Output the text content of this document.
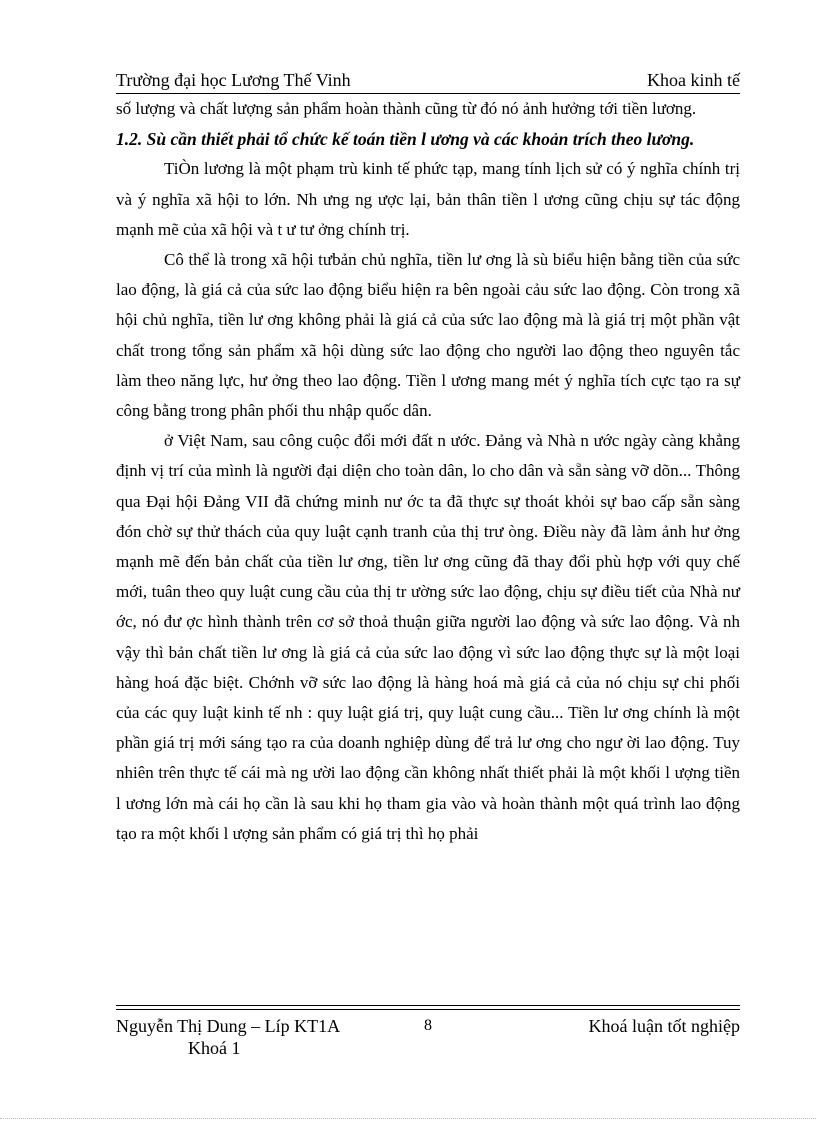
Trường đại học Lương Thế Vinh	Khoa kinh tế

số lượng và chất lượng sản phẩm hoàn thành cũng từ đó nó ảnh hưởng tới tiền lương.

1.2. Sù cần thiết phải tổ chức kế toán tiền l ương và các khoản trích theo lương.

TiÒn lương là một phạm trù kinh tế phức tạp, mang tính lịch sử có ý nghĩa chính trị và ý nghĩa xã hội to lớn. Nh ưng ng ược lại, bản thân tiền l ương cũng chịu sự tác động mạnh mẽ của xã hội và t ư tư ởng chính trị.

Cô thể là trong xã hội tưbản chủ nghĩa, tiền lư ơng là sù biểu hiện bằng tiền của sức lao động, là giá cả của sức lao động biểu hiện ra bên ngoài cảu sức lao động. Còn trong xã hội chủ nghĩa, tiền lư ơng không phải là giá cả của sức lao động mà là giá trị một phần vật chất trong tổng sản phẩm xã hội dùng sức lao động cho người lao động theo nguyên tắc làm theo năng lực, hư ởng theo lao động. Tiền l ương mang mét ý nghĩa tích cực tạo ra sự công bằng trong phân phối thu nhập quốc dân.

ở Việt Nam, sau công cuộc đổi mới đất n ước. Đảng và Nhà n ước ngày càng khẳng định vị trí của mình là người đại diện cho toàn dân, lo cho dân và sẵn sàng vỡ dõn... Thông qua Đại hội Đảng VII đã chứng minh nư ớc ta đã thực sự thoát khỏi sự bao cấp sẵn sàng đón chờ sự thử thách của quy luật cạnh tranh của thị trư òng. Điều này đã làm ảnh hư ởng mạnh mẽ đến bản chất của tiền lư ơng, tiền lư ơng cũng đã thay đổi phù hợp với quy chế mới, tuân theo quy luật cung cầu của thị tr ường sức lao động, chịu sự điều tiết của Nhà nư ớc, nó đư ợc hình thành trên cơ sở thoả thuận giữa người lao động và sức lao động. Và nh vậy thì bản chất tiền lư ơng là giá cả của sức lao động vì sức lao động thực sự là một loại hàng hoá đặc biệt. Chớnh vỡ sức lao động là hàng hoá mà giá cả của nó chịu sự chi phối của các quy luật kinh tế nh : quy luật giá trị, quy luật cung cầu... Tiền lư ơng chính là một phần giá trị mới sáng tạo ra của doanh nghiệp dùng để trả lư ơng cho ngư ời lao động. Tuy nhiên trên thực tế cái mà ng ười lao động cần không nhất thiết phải là một khối l ượng tiền l ương lớn mà cái họ cần là sau khi họ tham gia vào và hoàn thành một quá trình lao động tạo ra một khối l ượng sản phẩm có giá trị thì họ phải

Nguyễn Thị Dung – Líp KT1A	8	Khoá luận tốt nghiệp
Khoá 1
